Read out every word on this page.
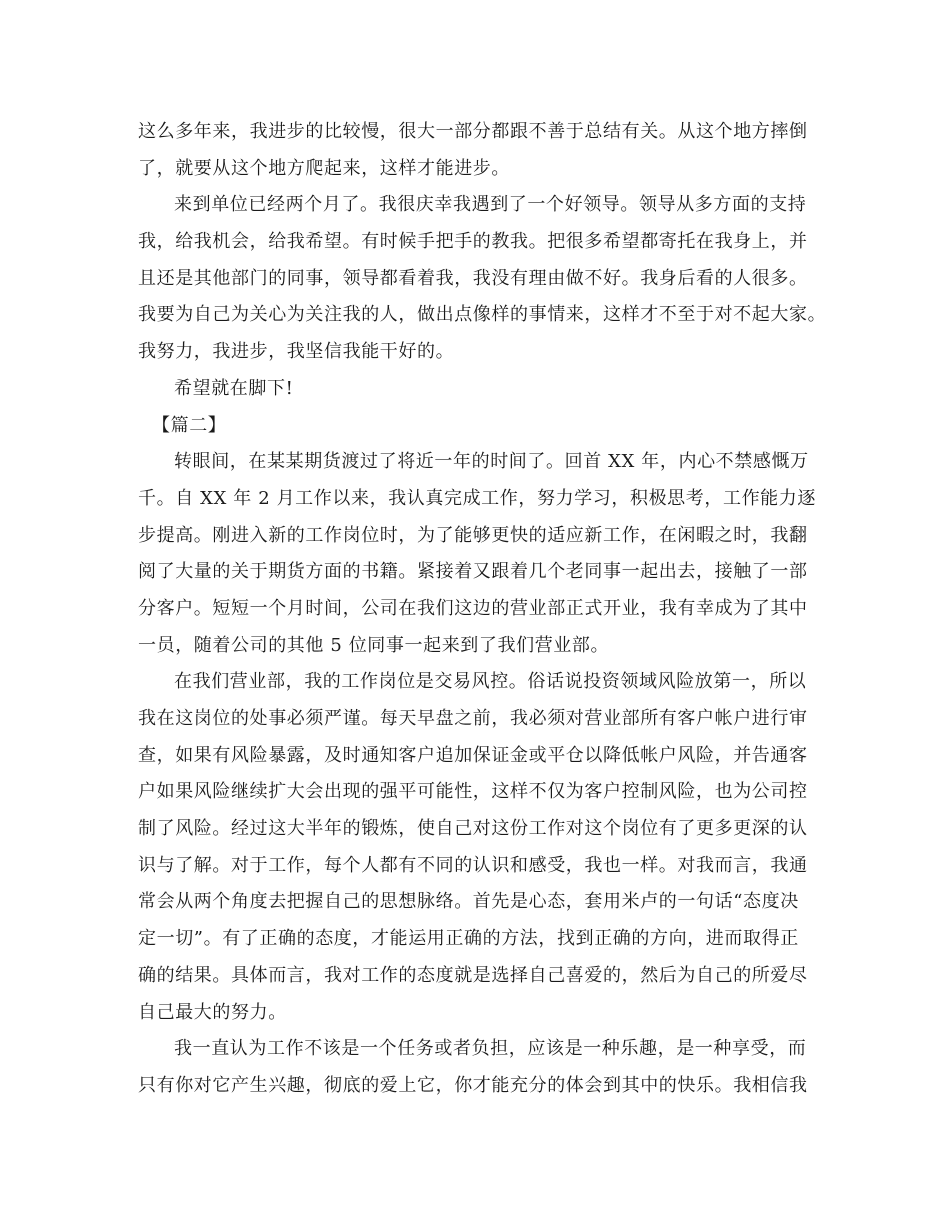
这么多年来，我进步的比较慢，很大一部分都跟不善于总结有关。从这个地方摔倒
了，就要从这个地方爬起来，这样才能进步。
来到单位已经两个月了。我很庆幸我遇到了一个好领导。领导从多方面的支持
我，给我机会，给我希望。有时候手把手的教我。把很多希望都寄托在我身上，并
且还是其他部门的同事，领导都看着我，我没有理由做不好。我身后看的人很多。
我要为自己为关心为关注我的人，做出点像样的事情来，这样才不至于对不起大家。
我努力，我进步，我坚信我能干好的。
希望就在脚下!
【篇二】
转眼间，在某某期货渡过了将近一年的时间了。回首 XX 年，内心不禁感慨万
千。自 XX 年 2 月工作以来，我认真完成工作，努力学习，积极思考，工作能力逐
步提高。刚进入新的工作岗位时，为了能够更快的适应新工作，在闲暇之时，我翻
阅了大量的关于期货方面的书籍。紧接着又跟着几个老同事一起出去，接触了一部
分客户。短短一个月时间，公司在我们这边的营业部正式开业，我有幸成为了其中
一员，随着公司的其他 5 位同事一起来到了我们营业部。
在我们营业部，我的工作岗位是交易风控。俗话说投资领域风险放第一，所以
我在这岗位的处事必须严谨。每天早盘之前，我必须对营业部所有客户帐户进行审
查，如果有风险暴露，及时通知客户追加保证金或平仓以降低帐户风险，并告通客
户如果风险继续扩大会出现的强平可能性，这样不仅为客户控制风险，也为公司控
制了风险。经过这大半年的锻炼，使自己对这份工作对这个岗位有了更多更深的认
识与了解。对于工作，每个人都有不同的认识和感受，我也一样。对我而言，我通
常会从两个角度去把握自己的思想脉络。首先是心态，套用米卢的一句话“态度决
定一切”。有了正确的态度，才能运用正确的方法，找到正确的方向，进而取得正
确的结果。具体而言，我对工作的态度就是选择自己喜爱的，然后为自己的所爱尽
自己最大的努力。
我一直认为工作不该是一个任务或者负担，应该是一种乐趣，是一种享受，而
只有你对它产生兴趣，彻底的爱上它，你才能充分的体会到其中的快乐。我相信我
